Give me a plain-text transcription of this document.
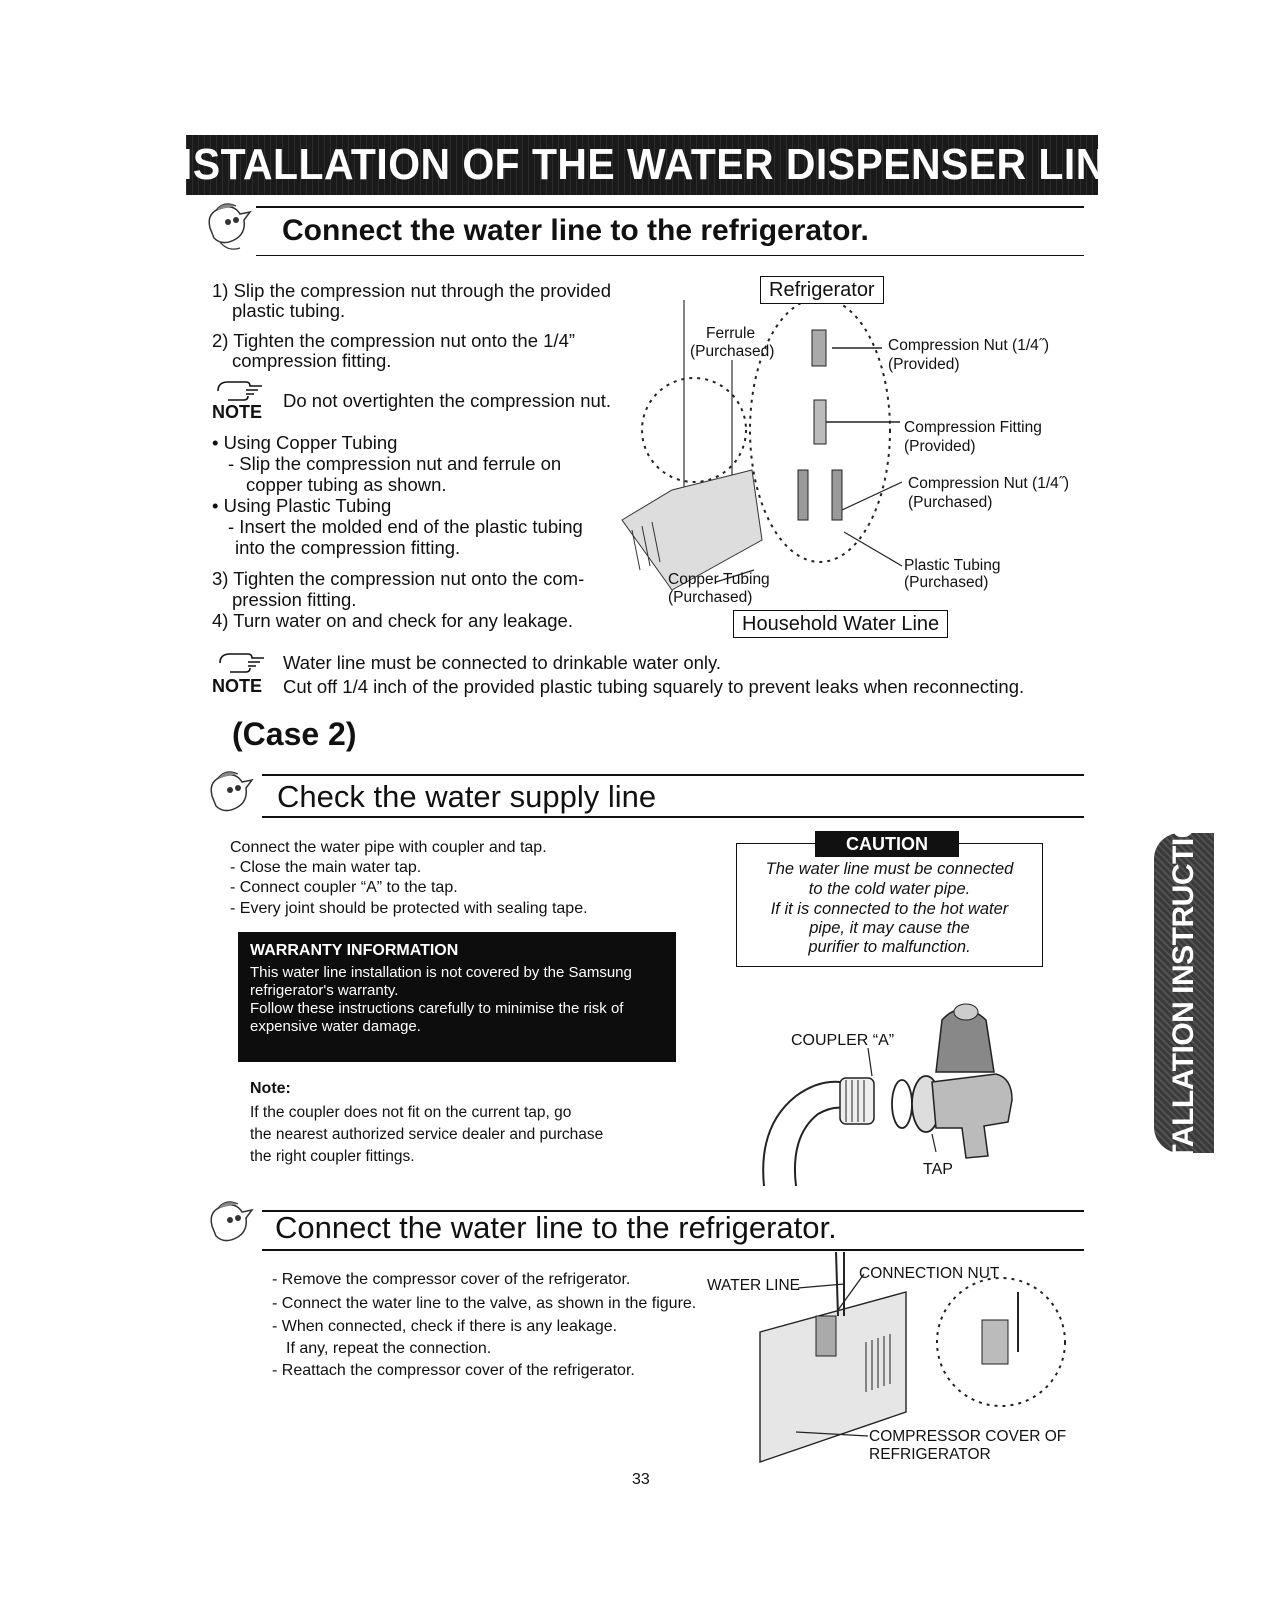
INSTALLATION OF THE WATER DISPENSER LINE
Connect the water line to the refrigerator.
1) Slip the compression nut through the provided
plastic tubing.
2) Tighten the compression nut onto the 1/4”
compression fitting.
NOTE
Do not overtighten the compression nut.
• Using Copper Tubing
- Slip the compression nut and ferrule on
copper tubing as shown.
• Using Plastic Tubing
- Insert the molded end of the plastic tubing
into the compression fitting.
3) Tighten the compression nut onto the com-
pression fitting.
4) Turn water on and check for any leakage.
Refrigerator
Household Water Line
Ferrule
(Purchased)	Compression Nut (1/4˝)
(Provided)
Compression Fitting
(Provided)
Compression Nut (1/4˝)
(Purchased)
Plastic Tubing
(Purchased)
Copper Tubing
(Purchased)
NOTE
Water line must be connected to drinkable water only.
Cut off 1/4 inch of the provided plastic tubing squarely to prevent leaks when reconnecting.
(Case 2)
Check the water supply line
Connect the water pipe with coupler and tap.
- Close the main water tap.
- Connect coupler “A” to the tap.
- Every joint should be protected with sealing tape.
WARRANTY INFORMATION
This water line installation is not covered by the Samsung
refrigerator's warranty.
Follow these instructions carefully to minimise the risk of
expensive water damage.
Note:
If the coupler does not fit on the current tap, go
the nearest authorized service dealer and purchase
the right coupler fittings.
CAUTION
The water line must be connected
to the cold water pipe.
If it is connected to the hot water
pipe, it may cause the
purifier to malfunction.
COUPLER “A”
TAP	INSTALLATION INSTRUCTIONS
Connect the water line to the refrigerator.
- Remove the compressor cover of the refrigerator.
- Connect the water line to the valve, as shown in the figure.
- When connected, check if there is any leakage.
If any, repeat the connection.
- Reattach the compressor cover of the refrigerator.
WATER LINE
CONNECTION NUT
COMPRESSOR COVER OF
REFRIGERATOR
33
